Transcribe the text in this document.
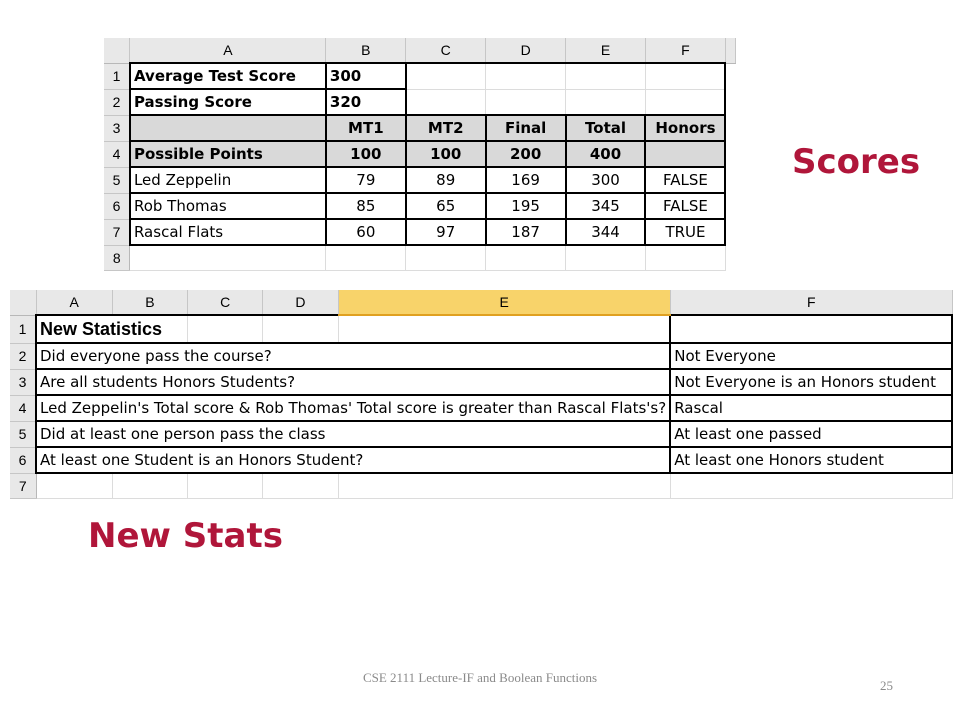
	A	B	C	D	E	F	
1	Average Test Score	300					
2	Passing Score	320					
3		MT1	MT2	Final	Total	Honors	
4	Possible Points	100	100	200	400		
5	Led Zeppelin	79	89	169	300	FALSE	
6	Rob Thomas	85	65	195	345	FALSE	
7	Rascal Flats	60	97	187	344	TRUE	
8							
Scores
	A	B	C	D	E	F
1	New Statistics					
2	Did everyone pass the course?					Not Everyone
3	Are all students Honors Students?					Not Everyone is an Honors student
4	Led Zeppelin's Total score & Rob Thomas' Total score is greater than Rascal Flats's?					Rascal
5	Did at least one person pass the class					At least one passed
6	At least one Student is an Honors Student?					At least one Honors student
7						
New Stats
CSE 2111 Lecture-IF and Boolean Functions
25
